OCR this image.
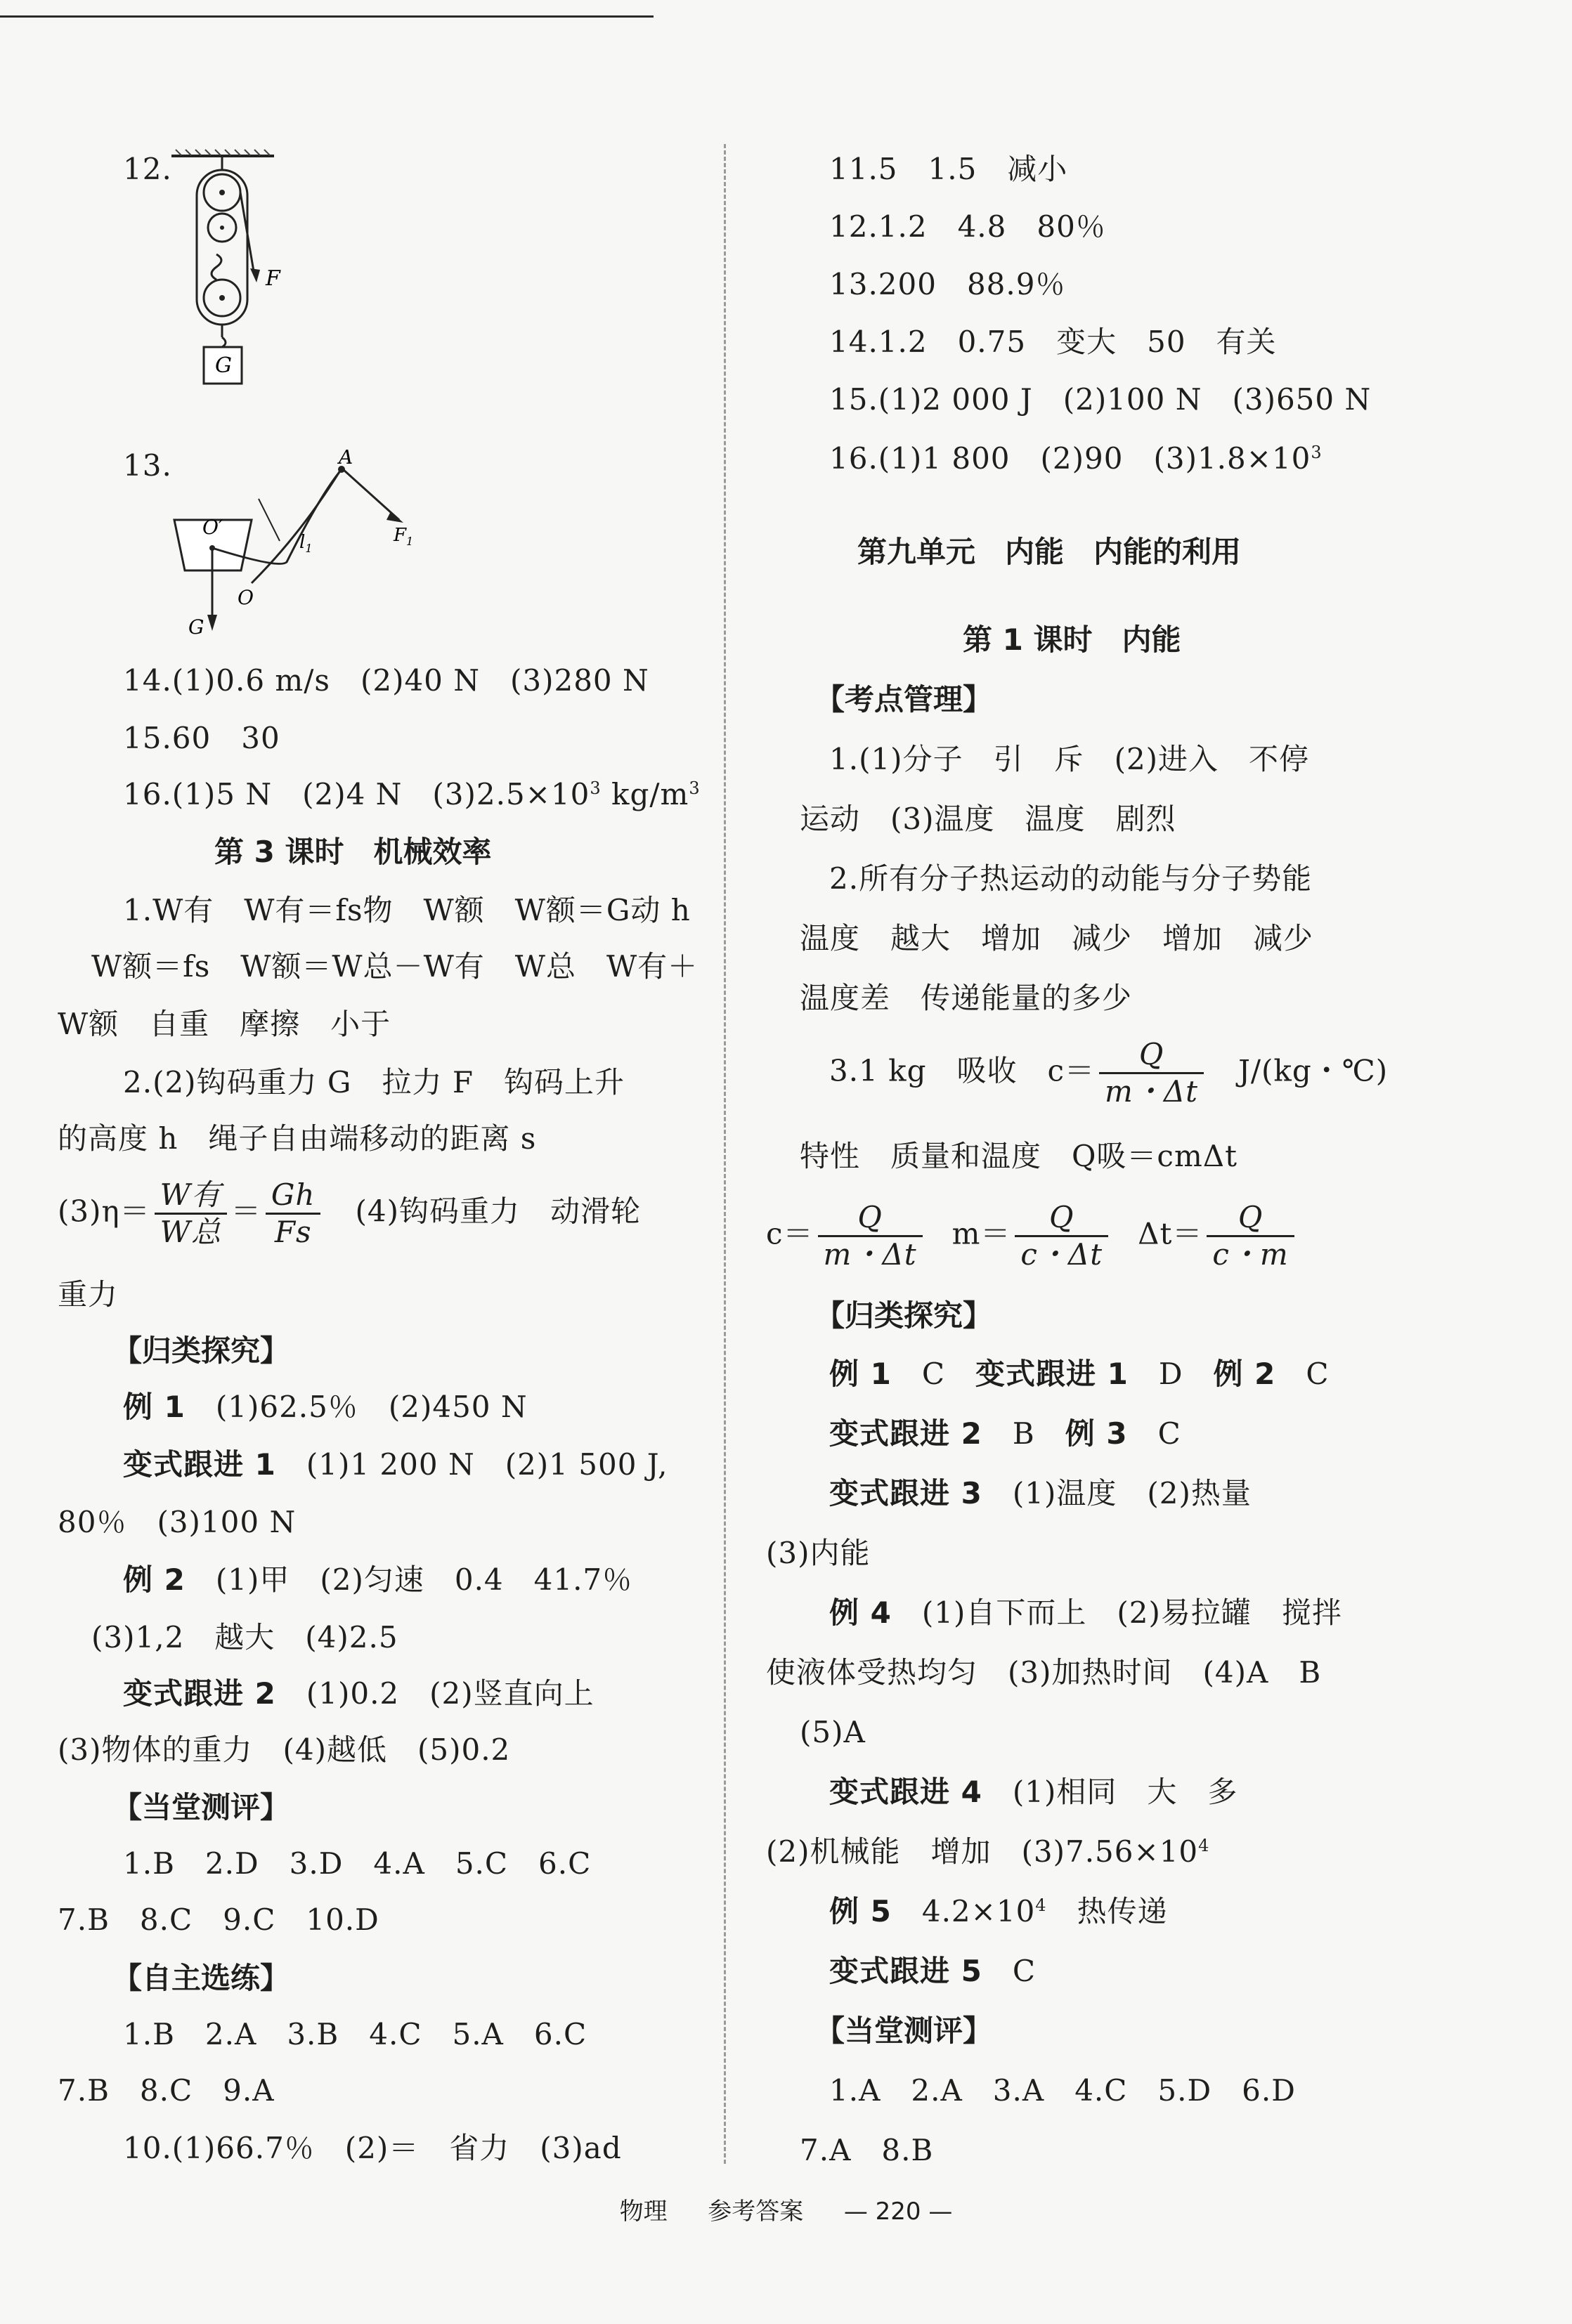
12.
F
G
13.	A
O′
O
$l_1$
$F_1$
G
14.(1)0.6 m/s　(2)40 N　(3)280 N
15.60　30
16.(1)5 N　(2)4 N　$(3)2.5\times 10^3$ $kg/m^3$
第 3 课时　机械效率
1.W有　W有＝fs物　W额　W额＝G动 h
W额＝fs　W额＝W总－W有　W总　W有＋
W额　自重　摩擦　小于
2.(2)钩码重力 G　拉力 F　钩码上升
的高度 h　绳子自由端移动的距离 s
$(3)\eta= \frac{\text{W有}}{\text{W总}} = \frac{Gh}{Fs}$ 　(4)钩码重力　动滑轮
重力
【归类探究】
例 1　(1)62.5％　(2)450 N
变式跟进 1　(1)1 200 N　(2)1 500 J,
80％　(3)100 N
例 2　(1)甲　(2)匀速　0.4　41.7％
(3)1,2　越大　(4)2.5
变式跟进 2　(1)0.2　(2)竖直向上
(3)物体的重力　(4)越低　(5)0.2
【当堂测评】
1.B　2.D　3.D　4.A　5.C　6.C
7.B　8.C　9.C　10.D
【自主选练】
1.B　2.A　3.B　4.C　5.A　6.C
7.B　8.C　9.A
10.(1)66.7％　(2)＝　省力　(3)ad
11.5　1.5　减小
12.1.2　4.8　80％
13.200　88.9％
14.1.2　0.75　变大　50　有关
15.(1)2 000 J　(2)100 N　(3)650 N
16.(1)1 800　(2)90　$(3)1.8\times 10^3$
第九单元　内能　内能的利用
第 1 课时　内能
【考点管理】
1.(1)分子　引　斥　(2)进入　不停
运动　(3)温度　温度　剧烈
2.所有分子热运动的动能与分子势能
温度　越大　增加　减少　增加　减少
温度差　传递能量的多少
3.1 kg　吸收　$c= \frac{Q}{m・\Delta t}$ 　J/(kg・℃)
特性　质量和温度　Q吸＝cmΔt
$c= \frac{Q}{m・\Delta t} m= \frac{Q}{c・\Delta t} \Delta t= \frac{Q}{c・m}$
【归类探究】
例 1　C　变式跟进 1　D　例 2　C
变式跟进 2　B　例 3　C
变式跟进 3　(1)温度　(2)热量
(3)内能
例 4　(1)自下而上　(2)易拉罐　搅拌
使液体受热均匀　(3)加热时间　(4)A　B
(5)A
变式跟进 4　(1)相同　大　多
(2)机械能　增加　$(3)7.56\times 10^4$
例 5　$4.2\times 10^4$　热传递
变式跟进 5　C
【当堂测评】
1.A　2.A　3.A　4.C　5.D　6.D
7.A　8.B
物理 参考答案 — 220 —
